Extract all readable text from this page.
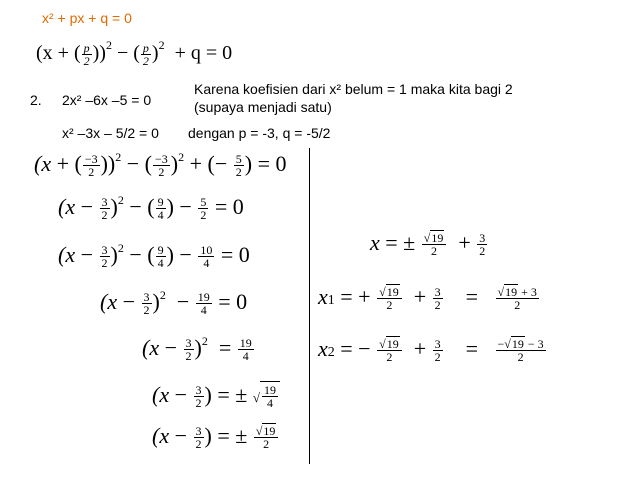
x² + px + q = 0
(x + ( $\frac{p}{2} ))^2$ − ( $\frac{p}{2} )^2 + q = 0$
2. 2x² –6x –5 = 0
Karena koefisien dari x² belum = 1 maka kita bagi 2
(supaya menjadi satu)
x² –3x – 5/2 = 0 dengan p = -3, q = -5/2
(x + ( $\frac{-3}{2} ))^2$ − ( $\frac{-3}{2} )^2$ + (− $\frac{5}{2}$ ) = 0
$(x - \frac{3}{2} )^2$ − ( $\frac{9}{4}$ ) − $\frac{5}{2} = 0$
$(x - \frac{3}{2} )^2$ − ( $\frac{9}{4}$ ) − $\frac{10}{4} = 0$
$(x - \frac{3}{2} )^2 - \frac{19}{4} = 0$
$(x - \frac{3}{2} )^2 = \frac{19}{4}$
($x - \frac{3}{2}$ ) = ± √ $\frac{19}{4}$
($x - \frac{3}{2}$ ) = ± $\frac{√19}{2}$
x = ± $\frac{√19}{2} + \frac{3}{2}$
x1 = + $\frac{√19}{2} + \frac{3}{2} = \frac{√19 + 3}{2}$
x2 = − $\frac{√19}{2} + \frac{3}{2} = \frac{-√19 - 3}{2}$
